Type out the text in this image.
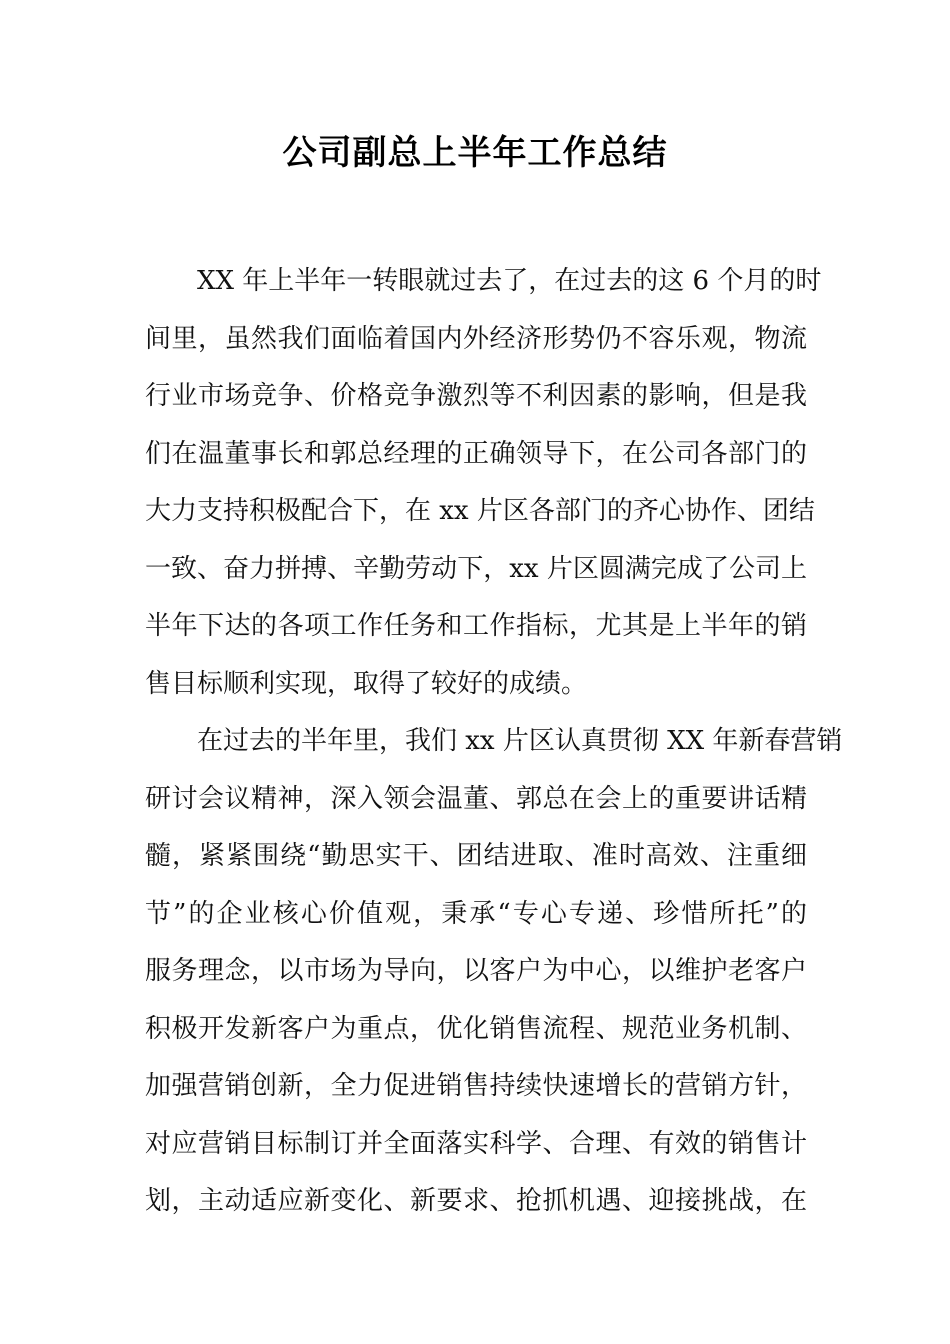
公司副总上半年工作总结
XX 年上半年一转眼就过去了，在过去的这 6 个月的时
间里，虽然我们面临着国内外经济形势仍不容乐观，物流
行业市场竞争、价格竞争激烈等不利因素的影响，但是我
们在温董事长和郭总经理的正确领导下，在公司各部门的
大力支持积极配合下，在 xx 片区各部门的齐心协作、团结
一致、奋力拼搏、辛勤劳动下，xx 片区圆满完成了公司上
半年下达的各项工作任务和工作指标，尤其是上半年的销
售目标顺利实现，取得了较好的成绩。
在过去的半年里，我们 xx 片区认真贯彻 XX 年新春营销
研讨会议精神，深入领会温董、郭总在会上的重要讲话精
髓，紧紧围绕“勤思实干、团结进取、准时高效、注重细
节”的企业核心价值观，秉承“专心专递、珍惜所托”的
服务理念，以市场为导向，以客户为中心，以维护老客户
积极开发新客户为重点，优化销售流程、规范业务机制、
加强营销创新，全力促进销售持续快速增长的营销方针，
对应营销目标制订并全面落实科学、合理、有效的销售计
划，主动适应新变化、新要求、抢抓机遇、迎接挑战，在
